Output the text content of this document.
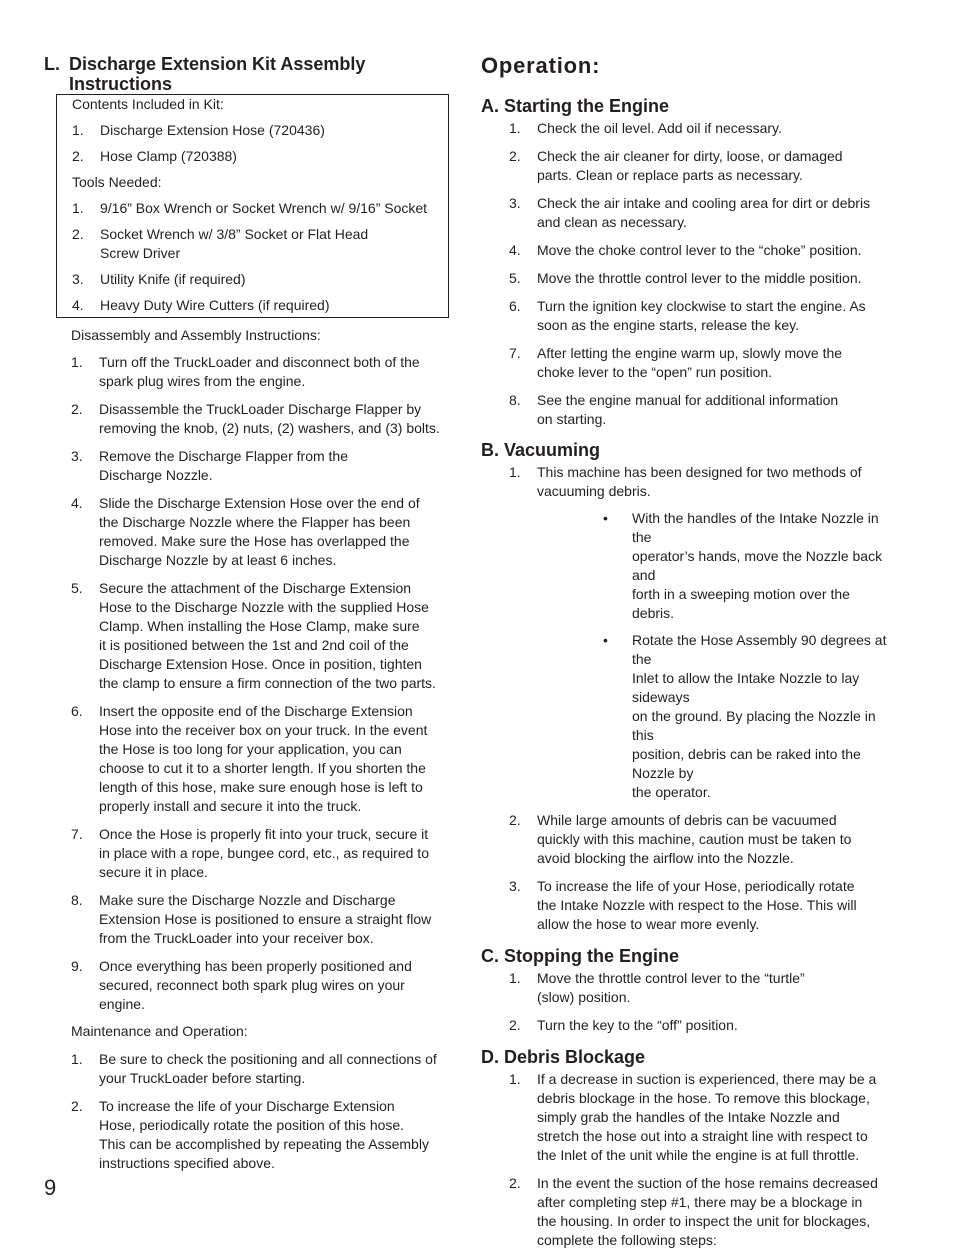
L. Discharge Extension Kit Assembly
Instructions

Contents Included in Kit:

1.	Discharge Extension Hose (720436)
2.	Hose Clamp (720388)

Tools Needed:

1.	9/16” Box Wrench or Socket Wrench w/ 9/16” Socket
2.	Socket Wrench w/ 3/8” Socket or Flat Head
Screw Driver
3.	Utility Knife (if required)
4.	Heavy Duty Wire Cutters (if required)

Disassembly and Assembly Instructions:

1.	Turn off the TruckLoader and disconnect both of the
spark plug wires from the engine.
2.	Disassemble the TruckLoader Discharge Flapper by
removing the knob, (2) nuts, (2) washers, and (3) bolts.
3.	Remove the Discharge Flapper from the
Discharge Nozzle.
4.	Slide the Discharge Extension Hose over the end of
the Discharge Nozzle where the Flapper has been
removed. Make sure the Hose has overlapped the
Discharge Nozzle by at least 6 inches.
5.	Secure the attachment of the Discharge Extension
Hose to the Discharge Nozzle with the supplied Hose
Clamp. When installing the Hose Clamp, make sure
it is positioned between the 1st and 2nd coil of the
Discharge Extension Hose. Once in position, tighten
the clamp to ensure a firm connection of the two parts.
6.	Insert the opposite end of the Discharge Extension
Hose into the receiver box on your truck. In the event
the Hose is too long for your application, you can
choose to cut it to a shorter length. If you shorten the
length of this hose, make sure enough hose is left to
properly install and secure it into the truck.
7.	Once the Hose is properly fit into your truck, secure it
in place with a rope, bungee cord, etc., as required to
secure it in place.
8.	Make sure the Discharge Nozzle and Discharge
Extension Hose is positioned to ensure a straight flow
from the TruckLoader into your receiver box.
9.	Once everything has been properly positioned and
secured, reconnect both spark plug wires on your engine.

Maintenance and Operation:

1.	Be sure to check the positioning and all connections of
your TruckLoader before starting.
2.	To increase the life of your Discharge Extension
Hose, periodically rotate the position of this hose.
This can be accomplished by repeating the Assembly
instructions specified above.
Operation:
A. Starting the Engine
1.	Check the oil level. Add oil if necessary.
2.	Check the air cleaner for dirty, loose, or damaged
parts. Clean or replace parts as necessary.
3.	Check the air intake and cooling area for dirt or debris
and clean as necessary.
4.	Move the choke control lever to the “choke” position.
5.	Move the throttle control lever to the middle position.
6.	Turn the ignition key clockwise to start the engine. As
soon as the engine starts, release the key.
7.	After letting the engine warm up, slowly move the
choke lever to the “open” run position.
8.	See the engine manual for additional information
on starting.
B. Vacuuming
1.	This machine has been designed for two methods of
vacuuming debris.
•	With the handles of the Intake Nozzle in the
operator’s hands, move the Nozzle back and
forth in a sweeping motion over the debris.
•	Rotate the Hose Assembly 90 degrees at the
Inlet to allow the Intake Nozzle to lay sideways
on the ground. By placing the Nozzle in this
position, debris can be raked into the Nozzle by
the operator.
2.	While large amounts of debris can be vacuumed
quickly with this machine, caution must be taken to
avoid blocking the airflow into the Nozzle.
3.	To increase the life of your Hose, periodically rotate
the Intake Nozzle with respect to the Hose. This will
allow the hose to wear more evenly.
C. Stopping the Engine
1.	Move the throttle control lever to the “turtle”
(slow) position.
2.	Turn the key to the “off” position.
D. Debris Blockage
1.	If a decrease in suction is experienced, there may be a
debris blockage in the hose. To remove this blockage,
simply grab the handles of the Intake Nozzle and
stretch the hose out into a straight line with respect to
the Inlet of the unit while the engine is at full throttle.
2.	In the event the suction of the hose remains decreased
after completing step #1, there may be a blockage in
the housing. In order to inspect the unit for blockages,
complete the following steps:
9
